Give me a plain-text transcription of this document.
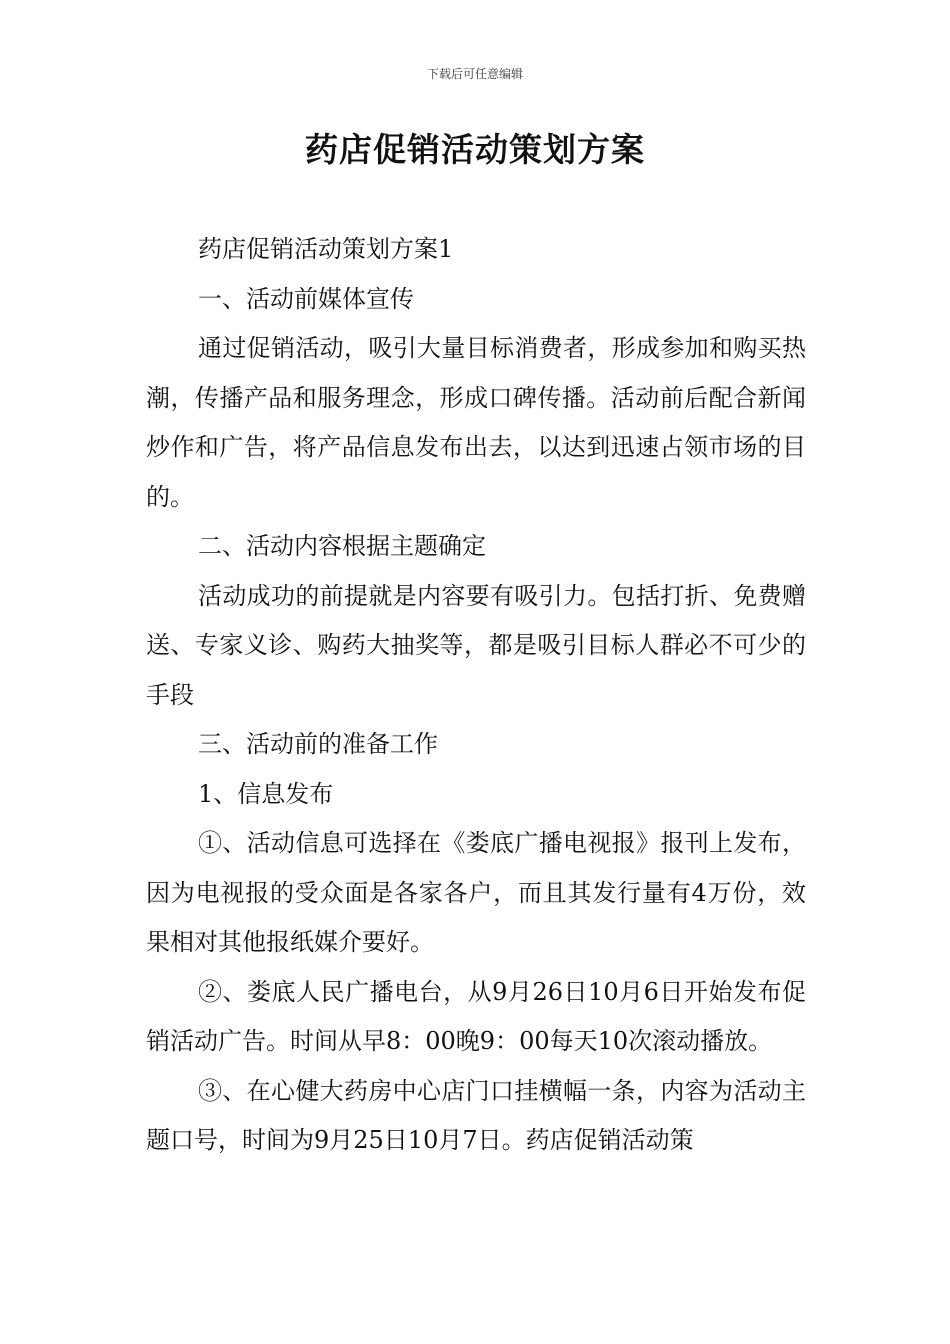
下载后可任意编辑
药店促销活动策划方案

药店促销活动策划方案1

一、活动前媒体宣传

通过促销活动，吸引大量目标消费者，形成参加和购买热潮，传播产品和服务理念，形成口碑传播。活动前后配合新闻炒作和广告，将产品信息发布出去，以达到迅速占领市场的目的。

二、活动内容根据主题确定

活动成功的前提就是内容要有吸引力。包括打折、免费赠送、专家义诊、购药大抽奖等，都是吸引目标人群必不可少的手段

三、活动前的准备工作

1、信息发布

①、活动信息可选择在《娄底广播电视报》报刊上发布，因为电视报的受众面是各家各户，而且其发行量有4万份，效果相对其他报纸媒介要好。

②、娄底人民广播电台，从9月26日10月6日开始发布促销活动广告。时间从早8：00晚9：00每天10次滚动播放。

③、在心健大药房中心店门口挂横幅一条，内容为活动主题口号，时间为9月25日10月7日。药店促销活动策
